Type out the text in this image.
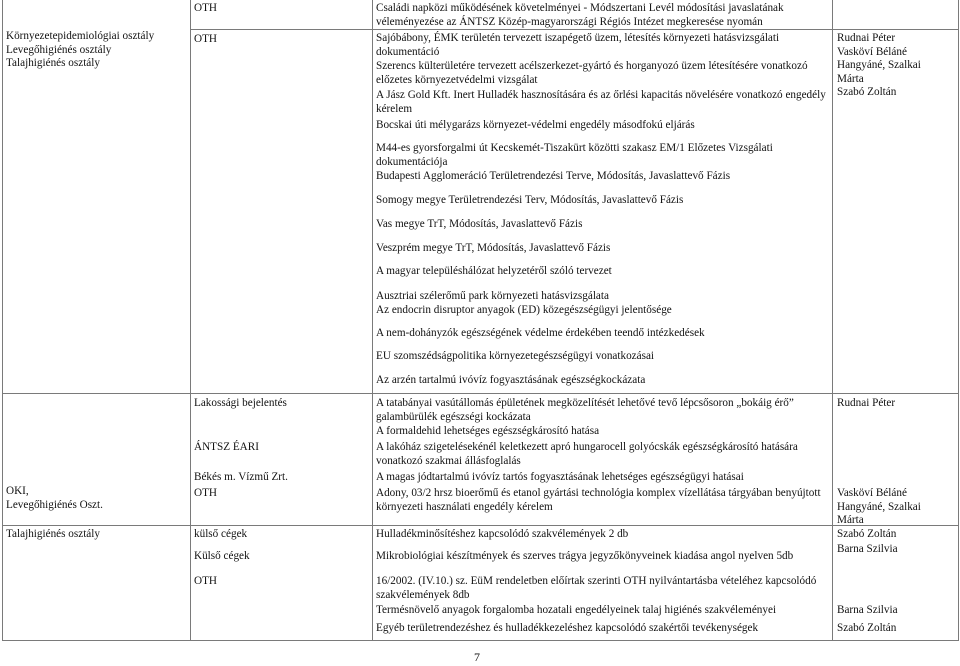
Környezetepidemiológiai osztály
Levegőhigiénés osztály
Talajhigiénés osztály
OKI,
Levegőhigiénés Oszt.
Talajhigiénés osztály
OTH
OTH
Lakossági bejelentés
ÁNTSZ ÉARI
Békés m. Vízmű Zrt.
OTH
külső cégek
Külső cégek
OTH
Családi napközi működésének követelményei - Módszertani Levél módosítási javaslatának véleményezése az ÁNTSZ Közép-magyarországi Régiós Intézet megkeresése nyomán
Sajóbábony, ÉMK területén tervezett iszapégető üzem, létesítés környezeti hatásvizsgálati dokumentáció
Szerencs külterületére tervezett acélszerkezet-gyártó és horganyozó üzem létesítésére vonatkozó előzetes környezetvédelmi vizsgálat
A Jász Gold Kft. Inert Hulladék hasznosítására és az őrlési kapacitás növelésére vonatkozó engedély kérelem
Bocskai úti mélygarázs környezet-védelmi engedély másodfokú eljárás
M44-es gyorsforgalmi út Kecskemét-Tiszakürt közötti szakasz EM/1 Előzetes Vizsgálati dokumentációja
Budapesti Agglomeráció Területrendezési Terve, Módosítás, Javaslattevő Fázis
Somogy megye Területrendezési Terv, Módosítás, Javaslattevő Fázis
Vas megye TrT, Módosítás, Javaslattevő Fázis
Veszprém megye TrT, Módosítás, Javaslattevő Fázis
A magyar településhálózat helyzetéről szóló tervezet
Ausztriai szélerőmű park környezeti hatásvizsgálata
Az endocrin disruptor anyagok (ED) közegészségügyi jelentősége
A nem-dohányzók egészségének védelme érdekében teendő intézkedések
EU szomszédságpolitika környezetegészségügyi vonatkozásai
Az arzén tartalmú ivóvíz fogyasztásának egészségkockázata
A tatabányai vasútállomás épületének megközelítését lehetővé tevő lépcsősoron „bokáig érő” galambürülék egészségi kockázata
A formaldehid lehetséges egészségkárosító hatása
A lakóház szigetelésekénél keletkezett apró hungarocell golyócskák egészségkárosító hatására vonatkozó szakmai állásfoglalás
A magas jódtartalmú ivóvíz tartós fogyasztásának lehetséges egészségügyi hatásai
Adony, 03/2 hrsz bioerőmű és etanol gyártási technológia komplex vízellátása tárgyában benyújtott környezeti használati engedély kérelem
Hulladékminősítéshez kapcsolódó szakvélemények 2 db
Mikrobiológiai készítmények és szerves trágya jegyzőkönyveinek kiadása angol nyelven 5db
16/2002. (IV.10.) sz. EüM rendeletben előírtak szerinti OTH nyilvántartásba vételéhez kapcsolódó szakvélemények 8db
Termésnövelő anyagok forgalomba hozatali engedélyeinek talaj higiénés szakvéleményei
Egyéb területrendezéshez és hulladékkezeléshez kapcsolódó szakértői tevékenységek
Rudnai Péter
Vasköví Béláné
Hangyáné, Szalkai
Márta
Szabó Zoltán
Rudnai Péter
Vasköví Béláné
Hangyáné, Szalkai
Márta
Szabó Zoltán
Barna Szilvia
Barna Szilvia
Szabó Zoltán
7
